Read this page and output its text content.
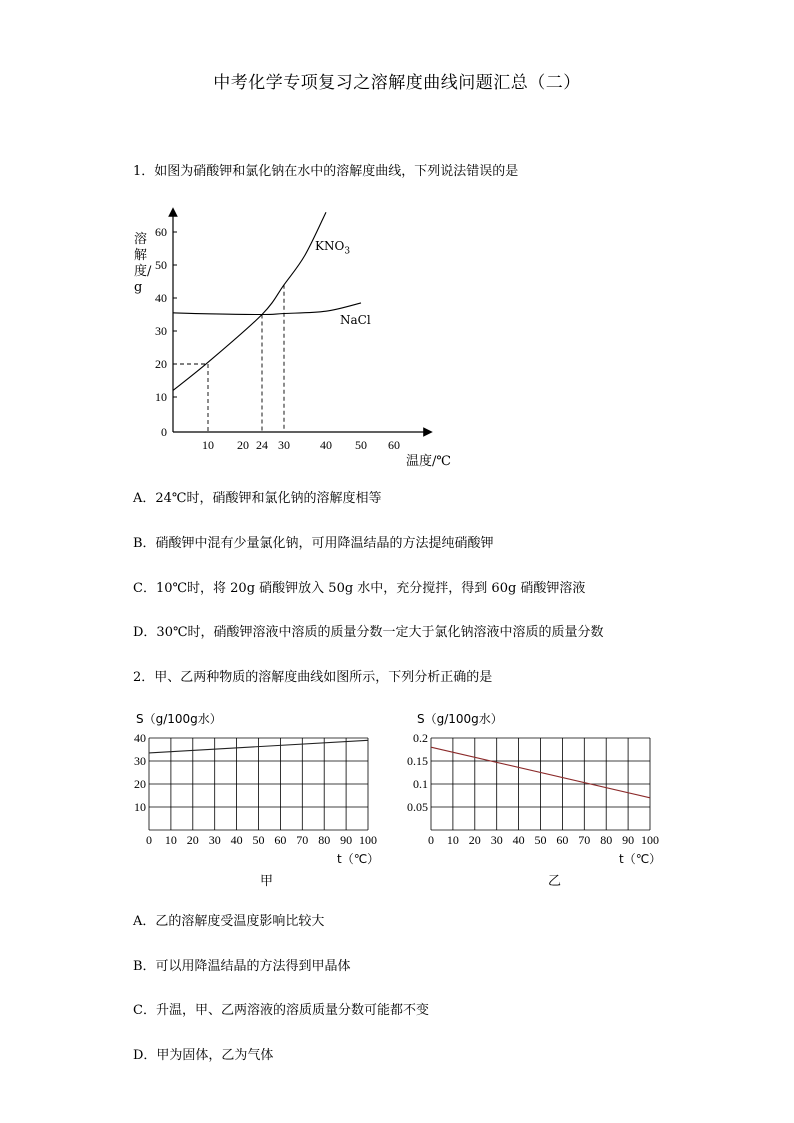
中考化学专项复习之溶解度曲线问题汇总（二）
1．如图为硝酸钾和氯化钠在水中的溶解度曲线，下列说法错误的是
0
10
20
30
40
50
60
10 20 24 30	40 50 60
溶解度/g
温度/℃
$KNO_3$
NaCl
A．24℃时，硝酸钾和氯化钠的溶解度相等
B．硝酸钾中混有少量氯化钠，可用降温结晶的方法提纯硝酸钾
C．10℃时，将 20g 硝酸钾放入 50g 水中，充分搅拌，得到 60g 硝酸钾溶液
D．30℃时，硝酸钾溶液中溶质的质量分数一定大于氯化钠溶液中溶质的质量分数
2．甲、乙两种物质的溶解度曲线如图所示，下列分析正确的是
S（g/100g水）
t（℃）
甲
S（g/100g水）
t（℃）
乙
0 10 20 30 40 50 60 70 80 90 100
10
20
30
40
0 10 20 30 40 50 60 70 80 90 100
0.05
0.1
0.15
0.2
A．乙的溶解度受温度影响比较大
B．可以用降温结晶的方法得到甲晶体
C．升温，甲、乙两溶液的溶质质量分数可能都不变
D．甲为固体，乙为气体
